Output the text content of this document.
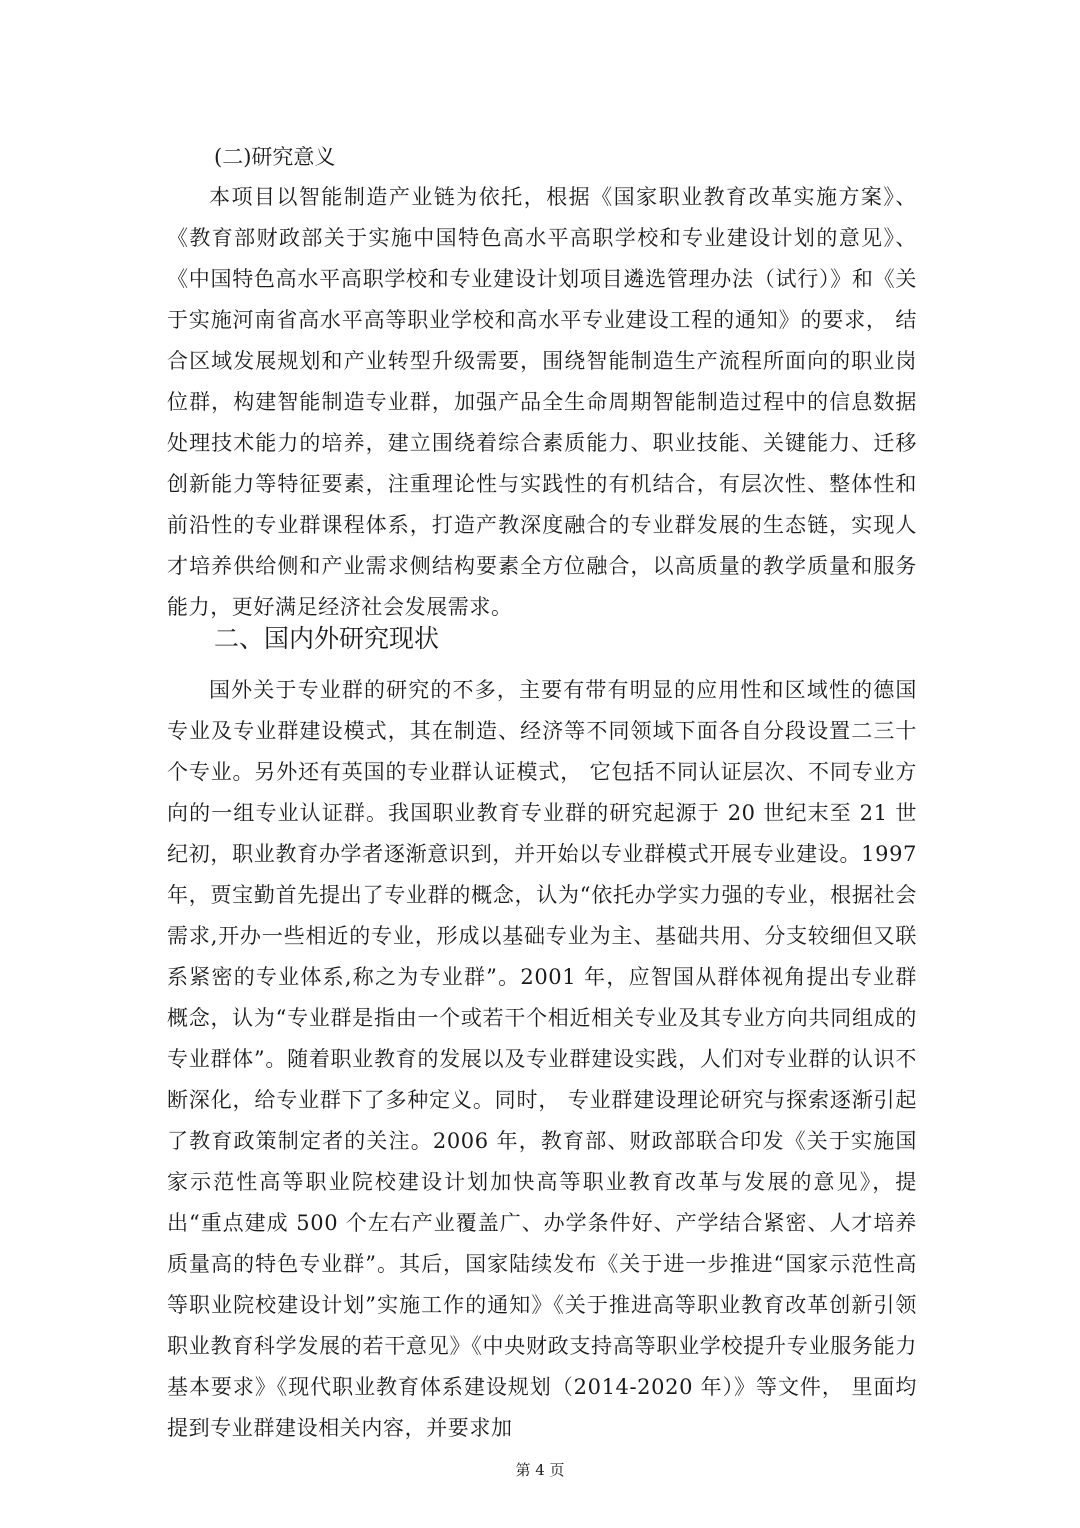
(二)研究意义

本项目以智能制造产业链为依托，根据《国家职业教育改革实施方案》、《教育部财政部关于实施中国特色高水平高职学校和专业建设计划的意见》、《中国特色高水平高职学校和专业建设计划项目遴选管理办法（试行）》和《关于实施河南省高水平高等职业学校和高水平专业建设工程的通知》的要求， 结合区域发展规划和产业转型升级需要，围绕智能制造生产流程所面向的职业岗位群，构建智能制造专业群，加强产品全生命周期智能制造过程中的信息数据处理技术能力的培养，建立围绕着综合素质能力、职业技能、关键能力、迁移创新能力等特征要素，注重理论性与实践性的有机结合，有层次性、整体性和前沿性的专业群课程体系，打造产教深度融合的专业群发展的生态链，实现人才培养供给侧和产业需求侧结构要素全方位融合，以高质量的教学质量和服务能力，更好满足经济社会发展需求。

二、国内外研究现状

国外关于专业群的研究的不多，主要有带有明显的应用性和区域性的德国专业及专业群建设模式，其在制造、经济等不同领域下面各自分段设置二三十个专业。另外还有英国的专业群认证模式， 它包括不同认证层次、不同专业方向的一组专业认证群。我国职业教育专业群的研究起源于 20 世纪末至 21 世纪初，职业教育办学者逐渐意识到，并开始以专业群模式开展专业建设。1997 年，贾宝勤首先提出了专业群的概念，认为“依托办学实力强的专业，根据社会需求,开办一些相近的专业，形成以基础专业为主、基础共用、分支较细但又联系紧密的专业体系,称之为专业群”。2001 年，应智国从群体视角提出专业群概念，认为“专业群是指由一个或若干个相近相关专业及其专业方向共同组成的专业群体”。随着职业教育的发展以及专业群建设实践，人们对专业群的认识不断深化，给专业群下了多种定义。同时， 专业群建设理论研究与探索逐渐引起了教育政策制定者的关注。2006 年，教育部、财政部联合印发《关于实施国家示范性高等职业院校建设计划加快高等职业教育改革与发展的意见》，提出“重点建成 500 个左右产业覆盖广、办学条件好、产学结合紧密、人才培养质量高的特色专业群”。其后，国家陆续发布《关于进一步推进“国家示范性高等职业院校建设计划”实施工作的通知》《关于推进高等职业教育改革创新引领职业教育科学发展的若干意见》《中央财政支持高等职业学校提升专业服务能力基本要求》《现代职业教育体系建设规划（2014-2020 年）》等文件， 里面均提到专业群建设相关内容，并要求加

第 4 页
